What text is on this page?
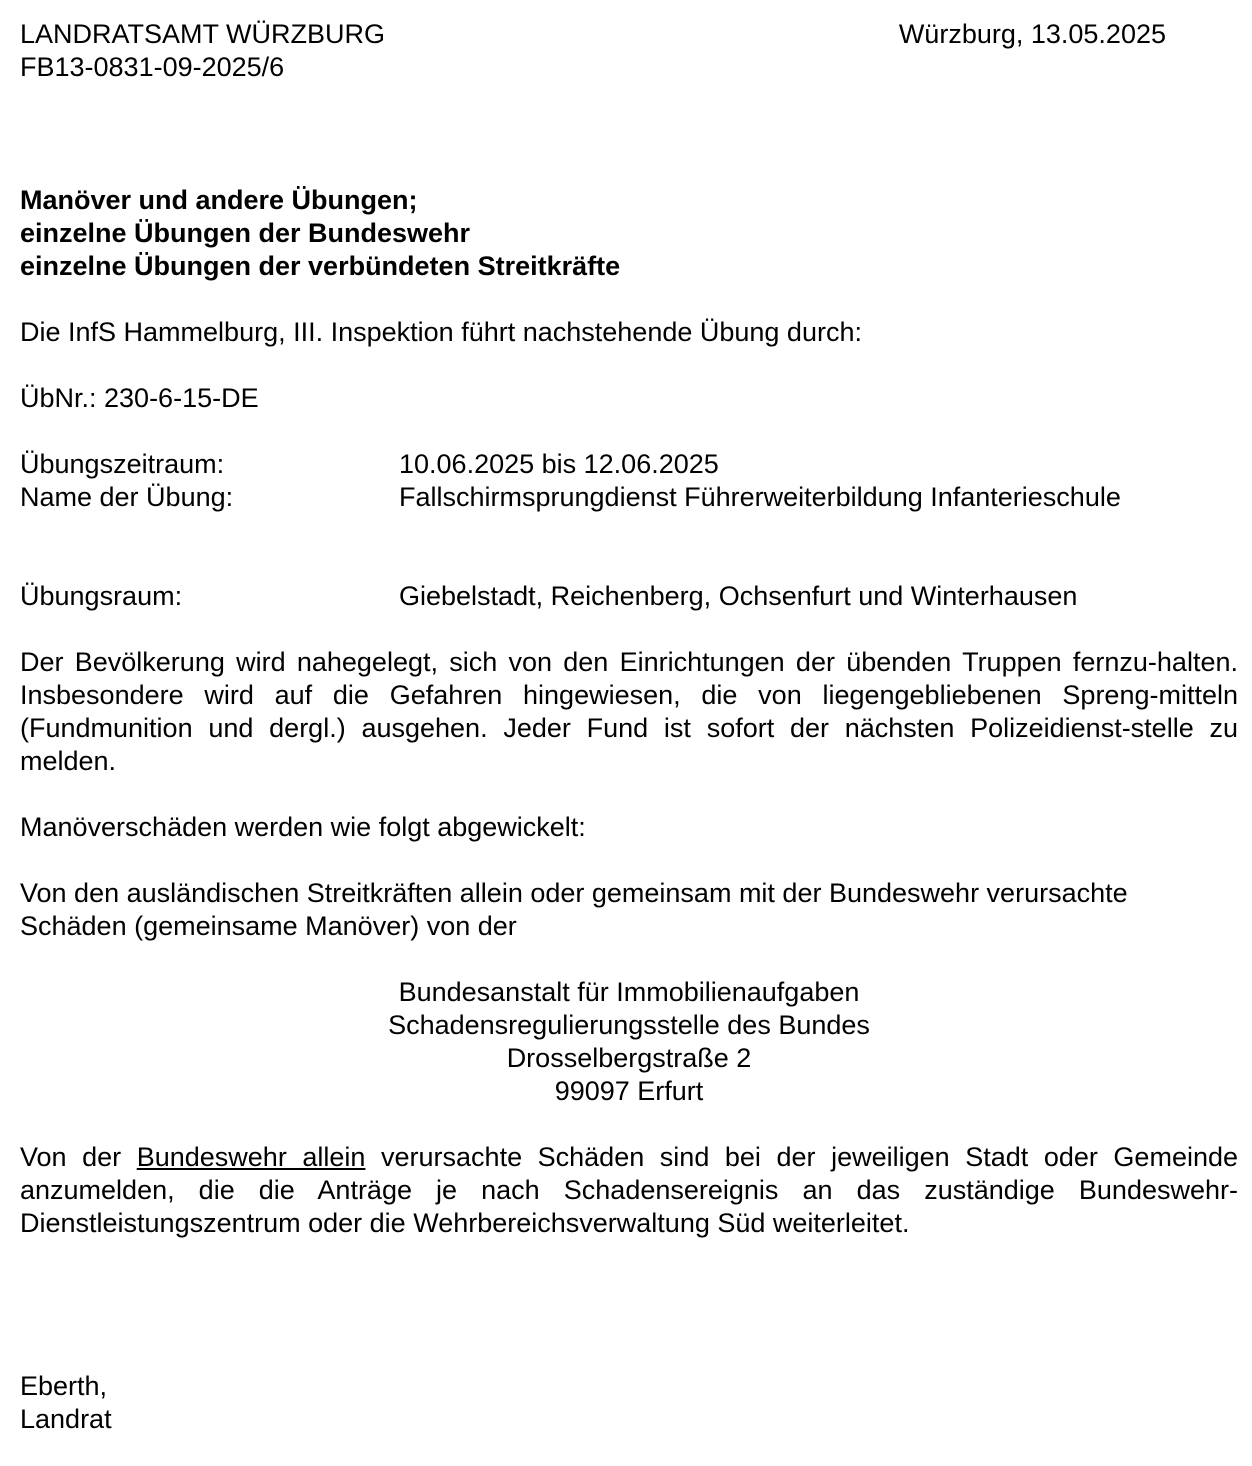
LANDRATSAMT WÜRZBURG
FB13-0831-09-2025/6
Würzburg, 13.05.2025
Manöver und andere Übungen;
einzelne Übungen der Bundeswehr
einzelne Übungen der verbündeten Streitkräfte

Die InfS Hammelburg, III. Inspektion führt nachstehende Übung durch:

ÜbNr.: 230-6-15-DE

Übungszeitraum:	10.06.2025 bis 12.06.2025
Name der Übung:	Fallschirmsprungdienst Führerweiterbildung Infanterieschule
Übungsraum:	Giebelstadt, Reichenberg, Ochsenfurt und Winterhausen

Der Bevölkerung wird nahegelegt, sich von den Einrichtungen der übenden Truppen fernzu-halten. Insbesondere wird auf die Gefahren hingewiesen, die von liegengebliebenen Spreng-mitteln (Fundmunition und dergl.) ausgehen. Jeder Fund ist sofort der nächsten Polizeidienst-stelle zu melden.

Manöverschäden werden wie folgt abgewickelt:

Von den ausländischen Streitkräften allein oder gemeinsam mit der Bundeswehr verursachte Schäden (gemeinsame Manöver) von der

Bundesanstalt für Immobilienaufgaben
Schadensregulierungsstelle des Bundes
Drosselbergstraße 2
99097 Erfurt

Von der Bundeswehr allein verursachte Schäden sind bei der jeweiligen Stadt oder Gemeinde anzumelden, die die Anträge je nach Schadensereignis an das zuständige Bundeswehr-Dienstleistungszentrum oder die Wehrbereichsverwaltung Süd weiterleitet.

Eberth,
Landrat
